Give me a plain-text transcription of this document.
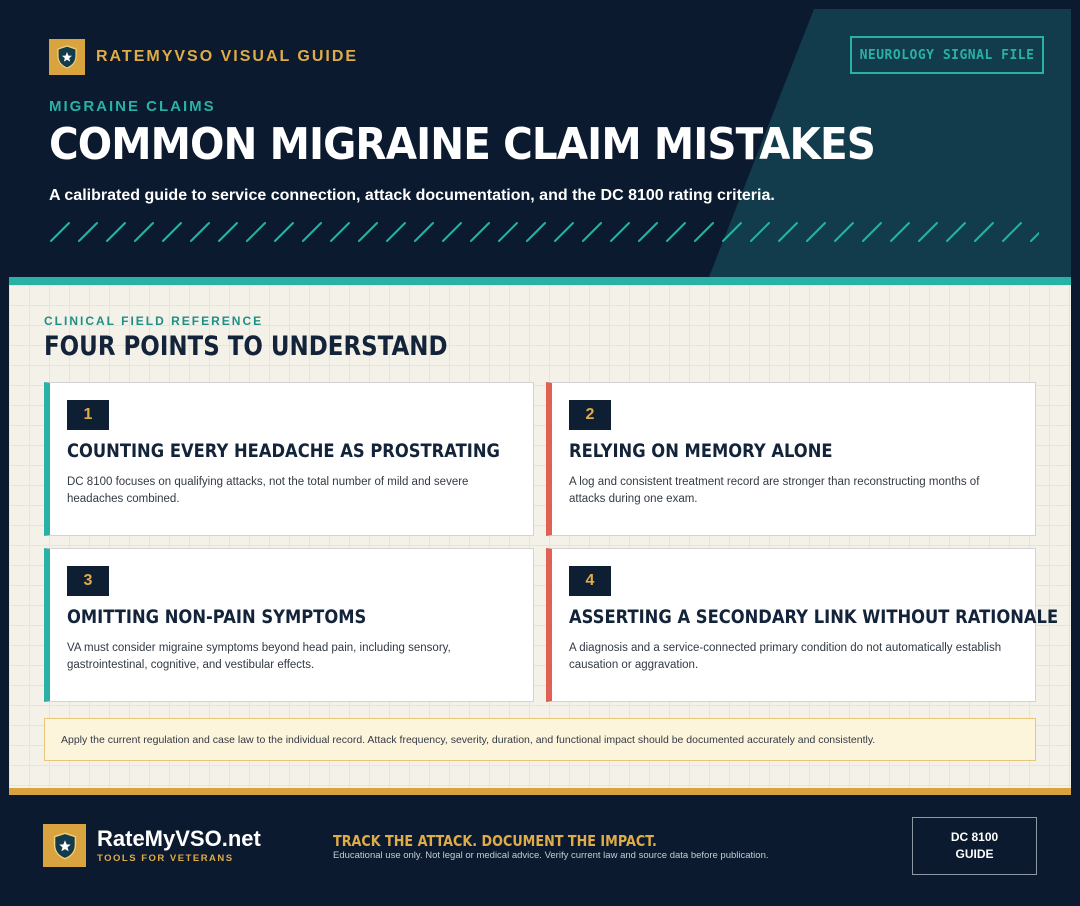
RATEMYVSO VISUAL GUIDE	NEUROLOGY SIGNAL FILE
MIGRAINE CLAIMS
COMMON MIGRAINE CLAIM MISTAKES
A calibrated guide to service connection, attack documentation, and the DC 8100 rating criteria.
CLINICAL FIELD REFERENCE
FOUR POINTS TO UNDERSTAND
1
COUNTING EVERY HEADACHE AS PROSTRATING
DC 8100 focuses on qualifying attacks, not the total number of mild and severe headaches combined.
2
RELYING ON MEMORY ALONE
A log and consistent treatment record are stronger than reconstructing months of attacks during one exam.
3
OMITTING NON-PAIN SYMPTOMS
VA must consider migraine symptoms beyond head pain, including sensory, gastrointestinal, cognitive, and vestibular effects.
4
ASSERTING A SECONDARY LINK WITHOUT RATIONALE
A diagnosis and a service-connected primary condition do not automatically establish causation or aggravation.
Apply the current regulation and case law to the individual record. Attack frequency, severity, duration, and functional impact should be documented accurately and consistently.
RateMyVSO.net
TOOLS FOR VETERANS
TRACK THE ATTACK. DOCUMENT THE IMPACT.
Educational use only. Not legal or medical advice. Verify current law and source data before publication.
DC 8100
GUIDE
